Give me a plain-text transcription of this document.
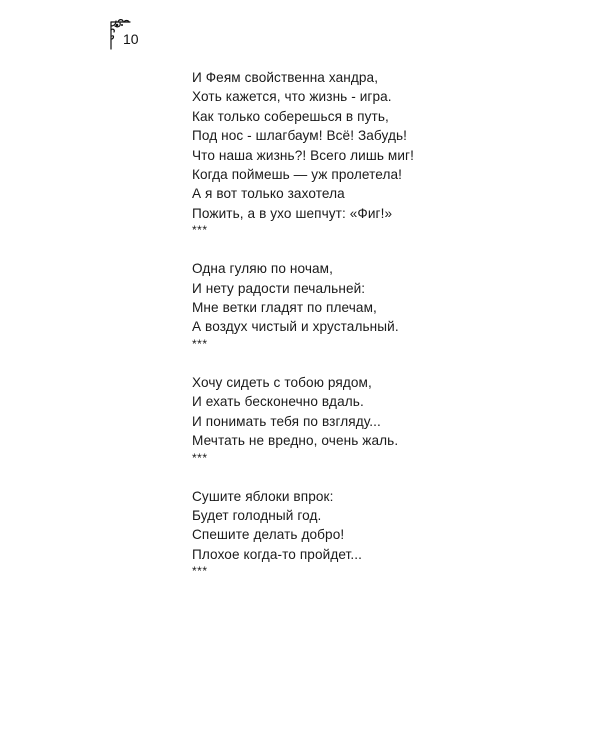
10
И Феям свойственна хандра,
Хоть кажется, что жизнь - игра.
Как только соберешься в путь,
Под нос - шлагбаум! Всё! Забудь!
Что наша жизнь?! Всего лишь миг!
Когда поймешь — уж пролетела!
А я вот только захотела
Пожить, а в ухо шепчут: «Фиг!»
***
Одна гуляю по ночам,
И нету радости печальней:
Мне ветки гладят по плечам,
А воздух чистый и хрустальный.
***
Хочу сидеть с тобою рядом,
И ехать бесконечно вдаль.
И понимать тебя по взгляду...
Мечтать не вредно, очень жаль.
***
Сушите яблоки впрок:
Будет голодный год.
Спешите делать добро!
Плохое когда-то пройдет...
***
